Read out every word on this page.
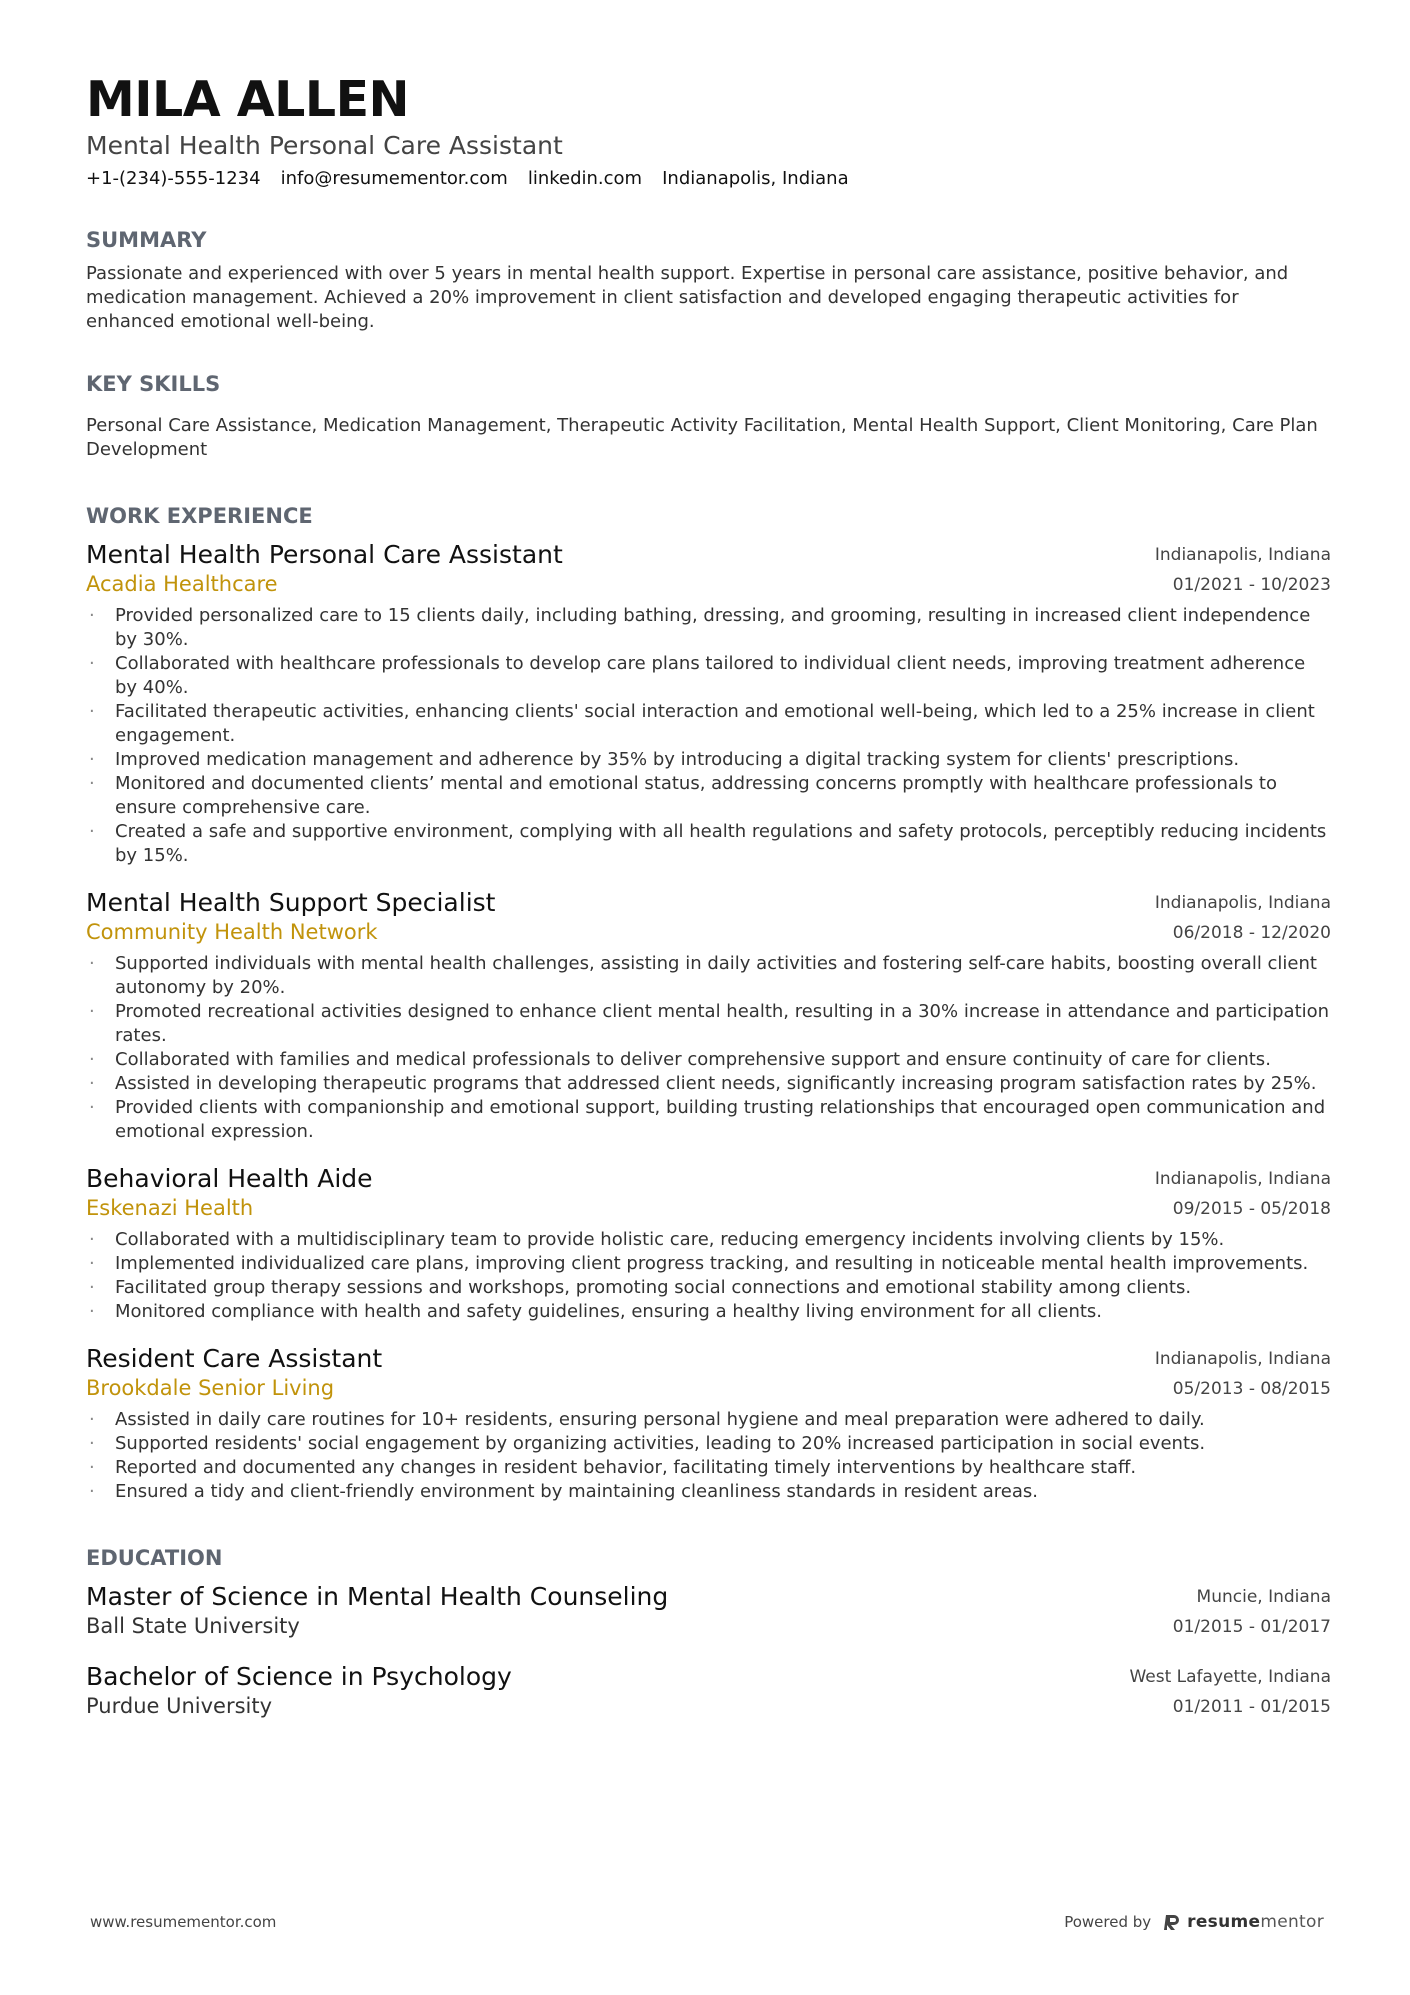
MILA ALLEN
Mental Health Personal Care Assistant
+1-(234)-555-1234 info@resumementor.com linkedin.com Indianapolis, Indiana
SUMMARY
Passionate and experienced with over 5 years in mental health support. Expertise in personal care assistance, positive behavior, and medication management. Achieved a 20% improvement in client satisfaction and developed engaging therapeutic activities for enhanced emotional well-being.
KEY SKILLS
Personal Care Assistance, Medication Management, Therapeutic Activity Facilitation, Mental Health Support, Client Monitoring, Care Plan Development
WORK EXPERIENCE
Mental Health Personal Care Assistant
Acadia Healthcare
Indianapolis, Indiana
01/2021 - 10/2023
· Provided personalized care to 15 clients daily, including bathing, dressing, and grooming, resulting in increased client independence by 30%.
· Collaborated with healthcare professionals to develop care plans tailored to individual client needs, improving treatment adherence by 40%.
· Facilitated therapeutic activities, enhancing clients' social interaction and emotional well-being, which led to a 25% increase in client engagement.
· Improved medication management and adherence by 35% by introducing a digital tracking system for clients' prescriptions.
· Monitored and documented clients’ mental and emotional status, addressing concerns promptly with healthcare professionals to ensure comprehensive care.
· Created a safe and supportive environment, complying with all health regulations and safety protocols, perceptibly reducing incidents by 15%.
Mental Health Support Specialist
Community Health Network
Indianapolis, Indiana
06/2018 - 12/2020
· Supported individuals with mental health challenges, assisting in daily activities and fostering self-care habits, boosting overall client autonomy by 20%.
· Promoted recreational activities designed to enhance client mental health, resulting in a 30% increase in attendance and participation rates.
· Collaborated with families and medical professionals to deliver comprehensive support and ensure continuity of care for clients.
· Assisted in developing therapeutic programs that addressed client needs, significantly increasing program satisfaction rates by 25%.
· Provided clients with companionship and emotional support, building trusting relationships that encouraged open communication and emotional expression.
Behavioral Health Aide
Eskenazi Health
Indianapolis, Indiana
09/2015 - 05/2018
· Collaborated with a multidisciplinary team to provide holistic care, reducing emergency incidents involving clients by 15%.
· Implemented individualized care plans, improving client progress tracking, and resulting in noticeable mental health improvements.
· Facilitated group therapy sessions and workshops, promoting social connections and emotional stability among clients.
· Monitored compliance with health and safety guidelines, ensuring a healthy living environment for all clients.
Resident Care Assistant
Brookdale Senior Living
Indianapolis, Indiana
05/2013 - 08/2015
· Assisted in daily care routines for 10+ residents, ensuring personal hygiene and meal preparation were adhered to daily.
· Supported residents' social engagement by organizing activities, leading to 20% increased participation in social events.
· Reported and documented any changes in resident behavior, facilitating timely interventions by healthcare staff.
· Ensured a tidy and client-friendly environment by maintaining cleanliness standards in resident areas.
EDUCATION
Master of Science in Mental Health Counseling
Ball State University
Muncie, Indiana
01/2015 - 01/2017
Bachelor of Science in Psychology
Purdue University
West Lafayette, Indiana
01/2011 - 01/2015
www.resumementor.com	Powered by resumementor
